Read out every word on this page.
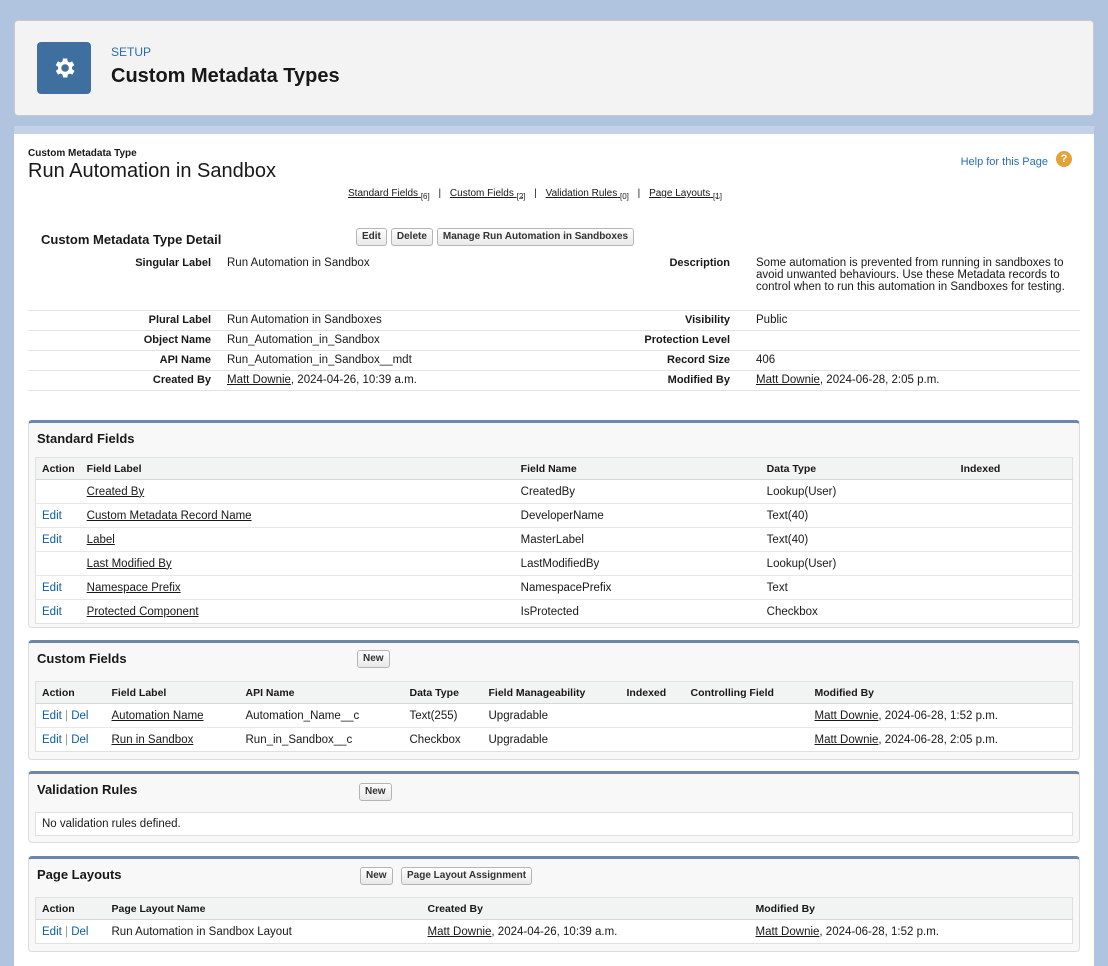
SETUP
Custom Metadata Types
Custom Metadata Type
Run Automation in Sandbox	Help for this Page	?
Standard Fields $_{[6]}$ | Custom Fields $_{[2]}$ | Validation Rules $_{[0]}$ | Page Layouts $_{[1]}$
Custom Metadata Type Detail	Edit	Delete	Manage Run Automation in Sandboxes
Singular Label	Run Automation in Sandbox	Description	Some automation is prevented from running in sandboxes to avoid unwanted behaviours. Use these Metadata records to control when to run this automation in Sandboxes for testing.
Plural Label	Run Automation in Sandboxes	Visibility	Public
Object Name	Run_Automation_in_Sandbox	Protection Level
API Name	Run_Automation_in_Sandbox__mdt	Record Size	406
Created By	Matt Downie, 2024-04-26, 10:39 a.m.	Modified By	Matt Downie, 2024-06-28, 2:05 p.m.
Standard Fields
Action	Field Label	Field Name	Data Type	Indexed
	Created By	CreatedBy	Lookup(User)	
Edit	Custom Metadata Record Name	DeveloperName	Text(40)	
Edit	Label	MasterLabel	Text(40)	
	Last Modified By	LastModifiedBy	Lookup(User)	
Edit	Namespace Prefix	NamespacePrefix	Text	
Edit	Protected Component	IsProtected	Checkbox	
Custom Fields	New
Action	Field Label	API Name	Data Type	Field Manageability	Indexed	Controlling Field	Modified By
Edit | Del	Automation Name	Automation_Name__c	Text(255)	Upgradable			Matt Downie, 2024-06-28, 1:52 p.m.
Edit | Del	Run in Sandbox	Run_in_Sandbox__c	Checkbox	Upgradable			Matt Downie, 2024-06-28, 2:05 p.m.
Validation Rules	New
No validation rules defined.
Page Layouts	New	Page Layout Assignment
Action	Page Layout Name	Created By	Modified By
Edit | Del	Run Automation in Sandbox Layout	Matt Downie, 2024-04-26, 10:39 a.m.	Matt Downie, 2024-06-28, 1:52 p.m.
